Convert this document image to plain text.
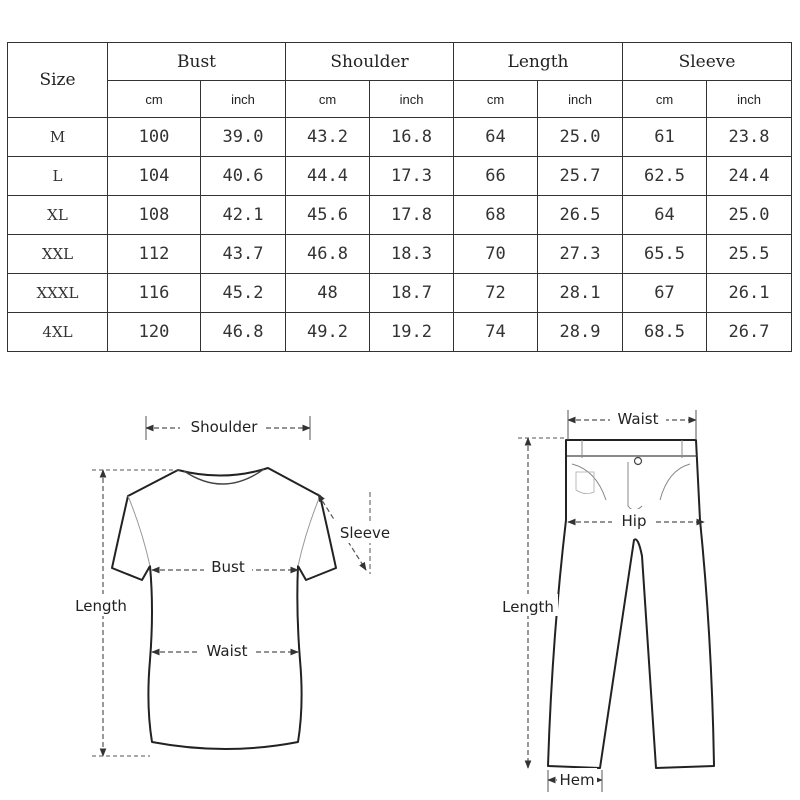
Size	Bust		Shoulder		Length		Sleeve	
	cm	inch	cm	inch	cm	inch	cm	inch
M	100	39.0	43.2	16.8	64	25.0	61	23.8
L	104	40.6	44.4	17.3	66	25.7	62.5	24.4
XL	108	42.1	45.6	17.8	68	26.5	64	25.0
XXL	112	43.7	46.8	18.3	70	27.3	65.5	25.5
XXXL	116	45.2	48	18.7	72	28.1	67	26.1
4XL	120	46.8	49.2	19.2	74	28.9	68.5	26.7
Shoulder
Sleeve
Bust
Waist
Length
Waist
Hip
Length
Hem
